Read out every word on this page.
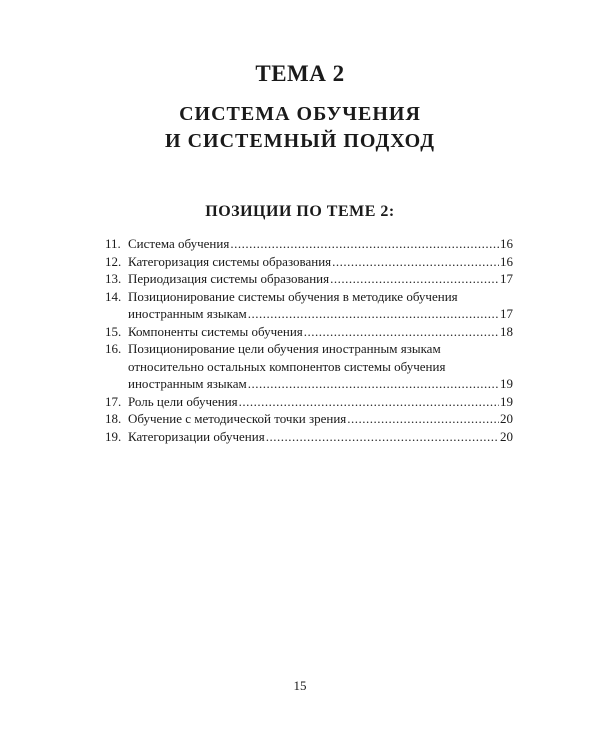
ТЕМА 2
СИСТЕМА ОБУЧЕНИЯ
И СИСТЕМНЫЙ ПОДХОД
ПОЗИЦИИ ПО ТЕМЕ 2:
11. Система обучения .....	16
12. Категоризация системы образования .....	16
13. Периодизация системы образования .....	17
14. Позиционирование системы обучения в методике обучения
иностранным языкам .....	17
15. Компоненты системы обучения .....	18
16. Позиционирование цели обучения иностранным языкам
относительно остальных компонентов системы обучения
иностранным языкам .....	19
17. Роль цели обучения .....	19
18. Обучение с методической точки зрения .....	20
19. Категоризации обучения .....	20
15
